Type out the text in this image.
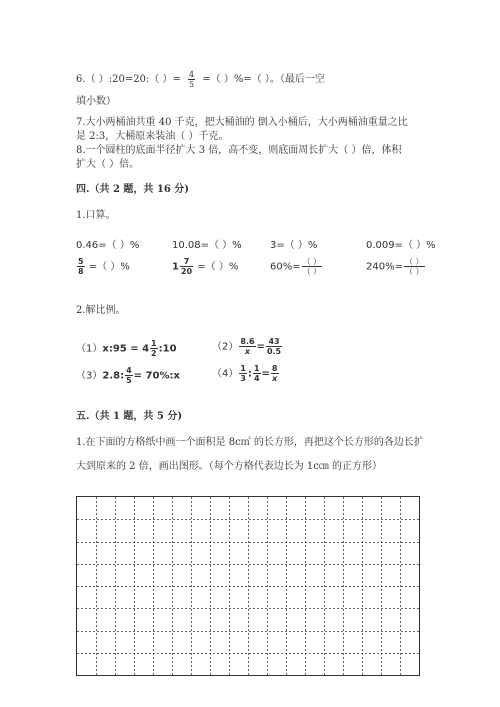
6.（ ）:20=20:（ ）= $\frac{4}{5}$ =（ ）%=（ ）。（最后一空
填小数）
7.大小两桶油共重 40 千克，把大桶油的 倒入小桶后，大小两桶油重量之比
是 2:3，大桶原来装油（ ）千克。
8.一个圆柱的底面半径扩大 3 倍，高不变，则底面周长扩大（ ）倍，体积
扩大（ ）倍。
四.（共 2 题，共 16 分)
1.口算。
0.46=（ ）%	10.08=（ ）%	3=（ ）%	0.009=（ ）%
$\frac{5}{8}$ =（ ）%	$1 \frac{7}{20}$ =（ ）%	$60\%= \frac{( )}{( )}$	$240\%= \frac{( )}{( )}$
2.解比例。
（1）x:95 = $4 \frac{1}{2}$ :10	$(2) \frac{8.6}{x} = \frac{43}{0.5}$
（3）2.8: $\frac{4}{5}$ = 70%:x	$(4) \frac{1}{3}$ : $\frac{1}{4} = \frac{8}{x}$
五.（共 1 题，共 5 分)
1.在下面的方格纸中画一个面积是 8c㎡ 的长方形，再把这个长方形的各边长扩
大到原来的 2 倍，画出图形。（每个方格代表边长为 1c㎝ 的正方形）
